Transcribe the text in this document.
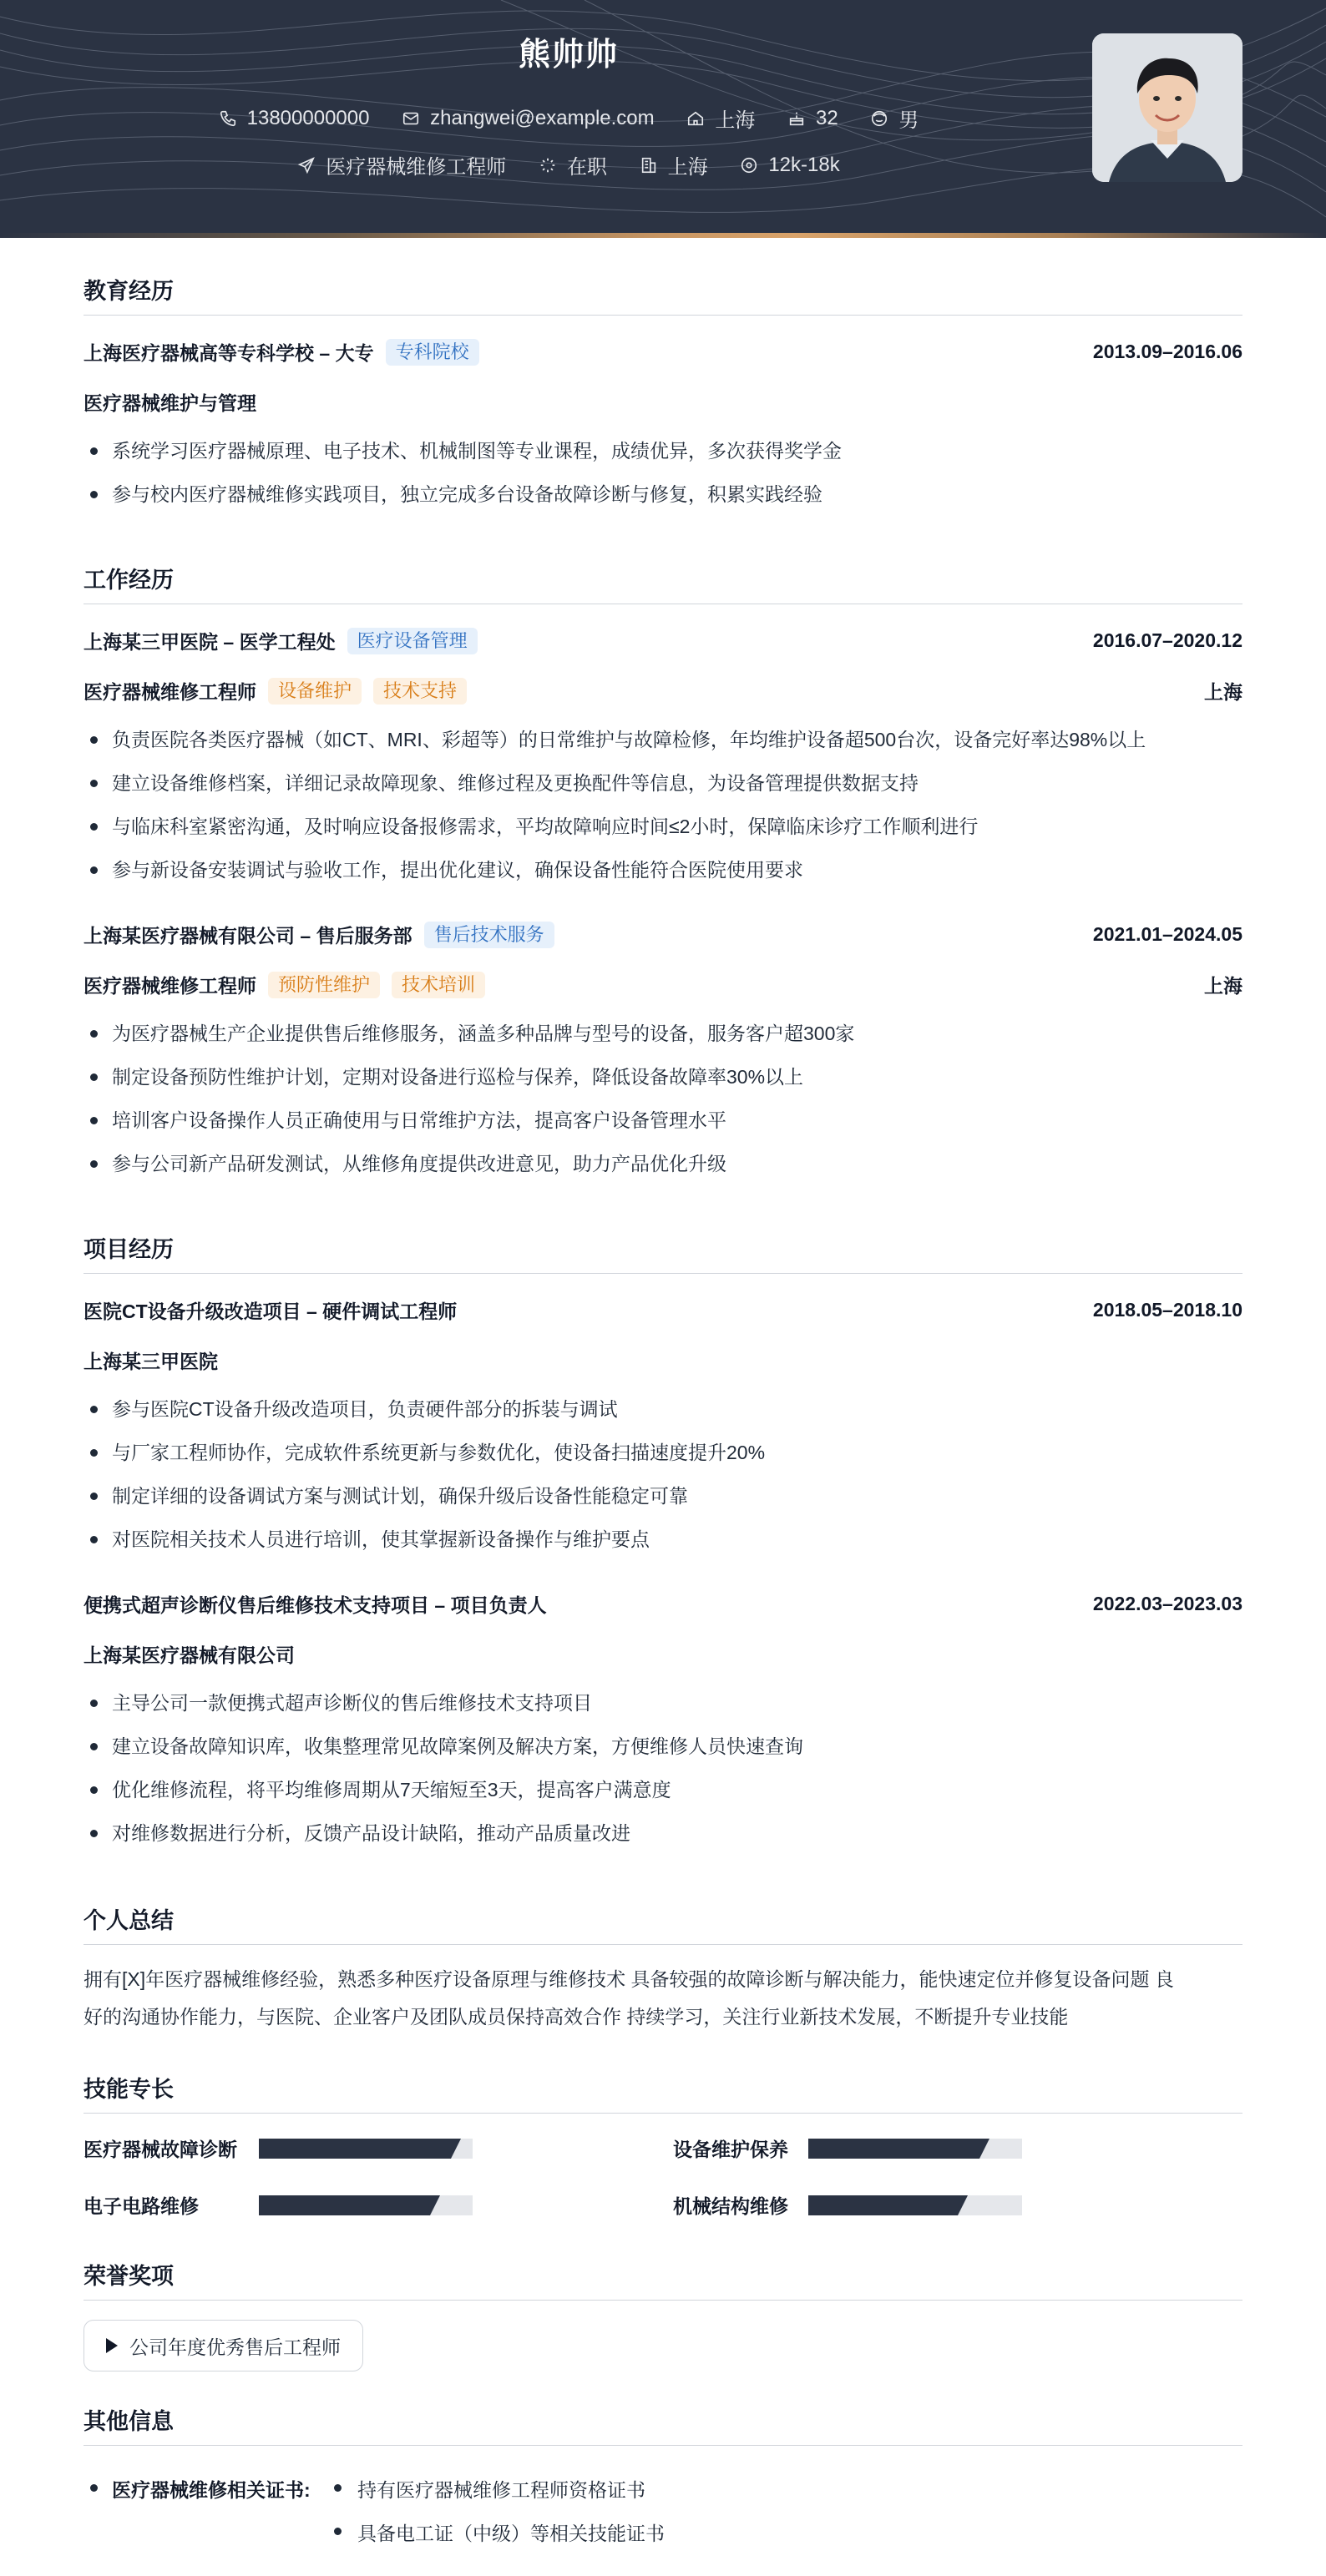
熊帅帅
13800000000
	zhangwei@example.com
	上海
	32
	男
医疗器械维修工程师
	在职
	上海
	12k-18k
教育经历
上海医疗器械高等专科学校 – 大专	专科院校	2013.09–2016.06
医疗器械维护与管理
系统学习医疗器械原理、电子技术、机械制图等专业课程，成绩优异，多次获得奖学金
参与校内医疗器械维修实践项目，独立完成多台设备故障诊断与修复，积累实践经验
工作经历
上海某三甲医院 – 医学工程处	医疗设备管理	2016.07–2020.12
医疗器械维修工程师	设备维护	技术支持	上海
负责医院各类医疗器械（如CT、MRI、彩超等）的日常维护与故障检修，年均维护设备超500台次，设备完好率达98%以上
建立设备维修档案，详细记录故障现象、维修过程及更换配件等信息，为设备管理提供数据支持
与临床科室紧密沟通，及时响应设备报修需求，平均故障响应时间≤2小时，保障临床诊疗工作顺利进行
参与新设备安装调试与验收工作，提出优化建议，确保设备性能符合医院使用要求
上海某医疗器械有限公司 – 售后服务部	售后技术服务	2021.01–2024.05
医疗器械维修工程师	预防性维护	技术培训	上海
为医疗器械生产企业提供售后维修服务，涵盖多种品牌与型号的设备，服务客户超300家
制定设备预防性维护计划，定期对设备进行巡检与保养，降低设备故障率30%以上
培训客户设备操作人员正确使用与日常维护方法，提高客户设备管理水平
参与公司新产品研发测试，从维修角度提供改进意见，助力产品优化升级
项目经历
医院CT设备升级改造项目 – 硬件调试工程师	2018.05–2018.10
上海某三甲医院
参与医院CT设备升级改造项目，负责硬件部分的拆装与调试
与厂家工程师协作，完成软件系统更新与参数优化，使设备扫描速度提升20%
制定详细的设备调试方案与测试计划，确保升级后设备性能稳定可靠
对医院相关技术人员进行培训，使其掌握新设备操作与维护要点
便携式超声诊断仪售后维修技术支持项目 – 项目负责人	2022.03–2023.03
上海某医疗器械有限公司
主导公司一款便携式超声诊断仪的售后维修技术支持项目
建立设备故障知识库，收集整理常见故障案例及解决方案，方便维修人员快速查询
优化维修流程，将平均维修周期从7天缩短至3天，提高客户满意度
对维修数据进行分析，反馈产品设计缺陷，推动产品质量改进
个人总结
拥有[X]年医疗器械维修经验，熟悉多种医疗设备原理与维修技术 具备较强的故障诊断与解决能力，能快速定位并修复设备问题 良
好的沟通协作能力，与医院、企业客户及团队成员保持高效合作 持续学习，关注行业新技术发展，不断提升专业技能
技能专长
医疗器械故障诊断	设备维护保养
电子电路维修	机械结构维修
荣誉奖项
公司年度优秀售后工程师
其他信息
医疗器械维修相关证书: 持有医疗器械维修工程师资格证书
具备电工证（中级）等相关技能证书
